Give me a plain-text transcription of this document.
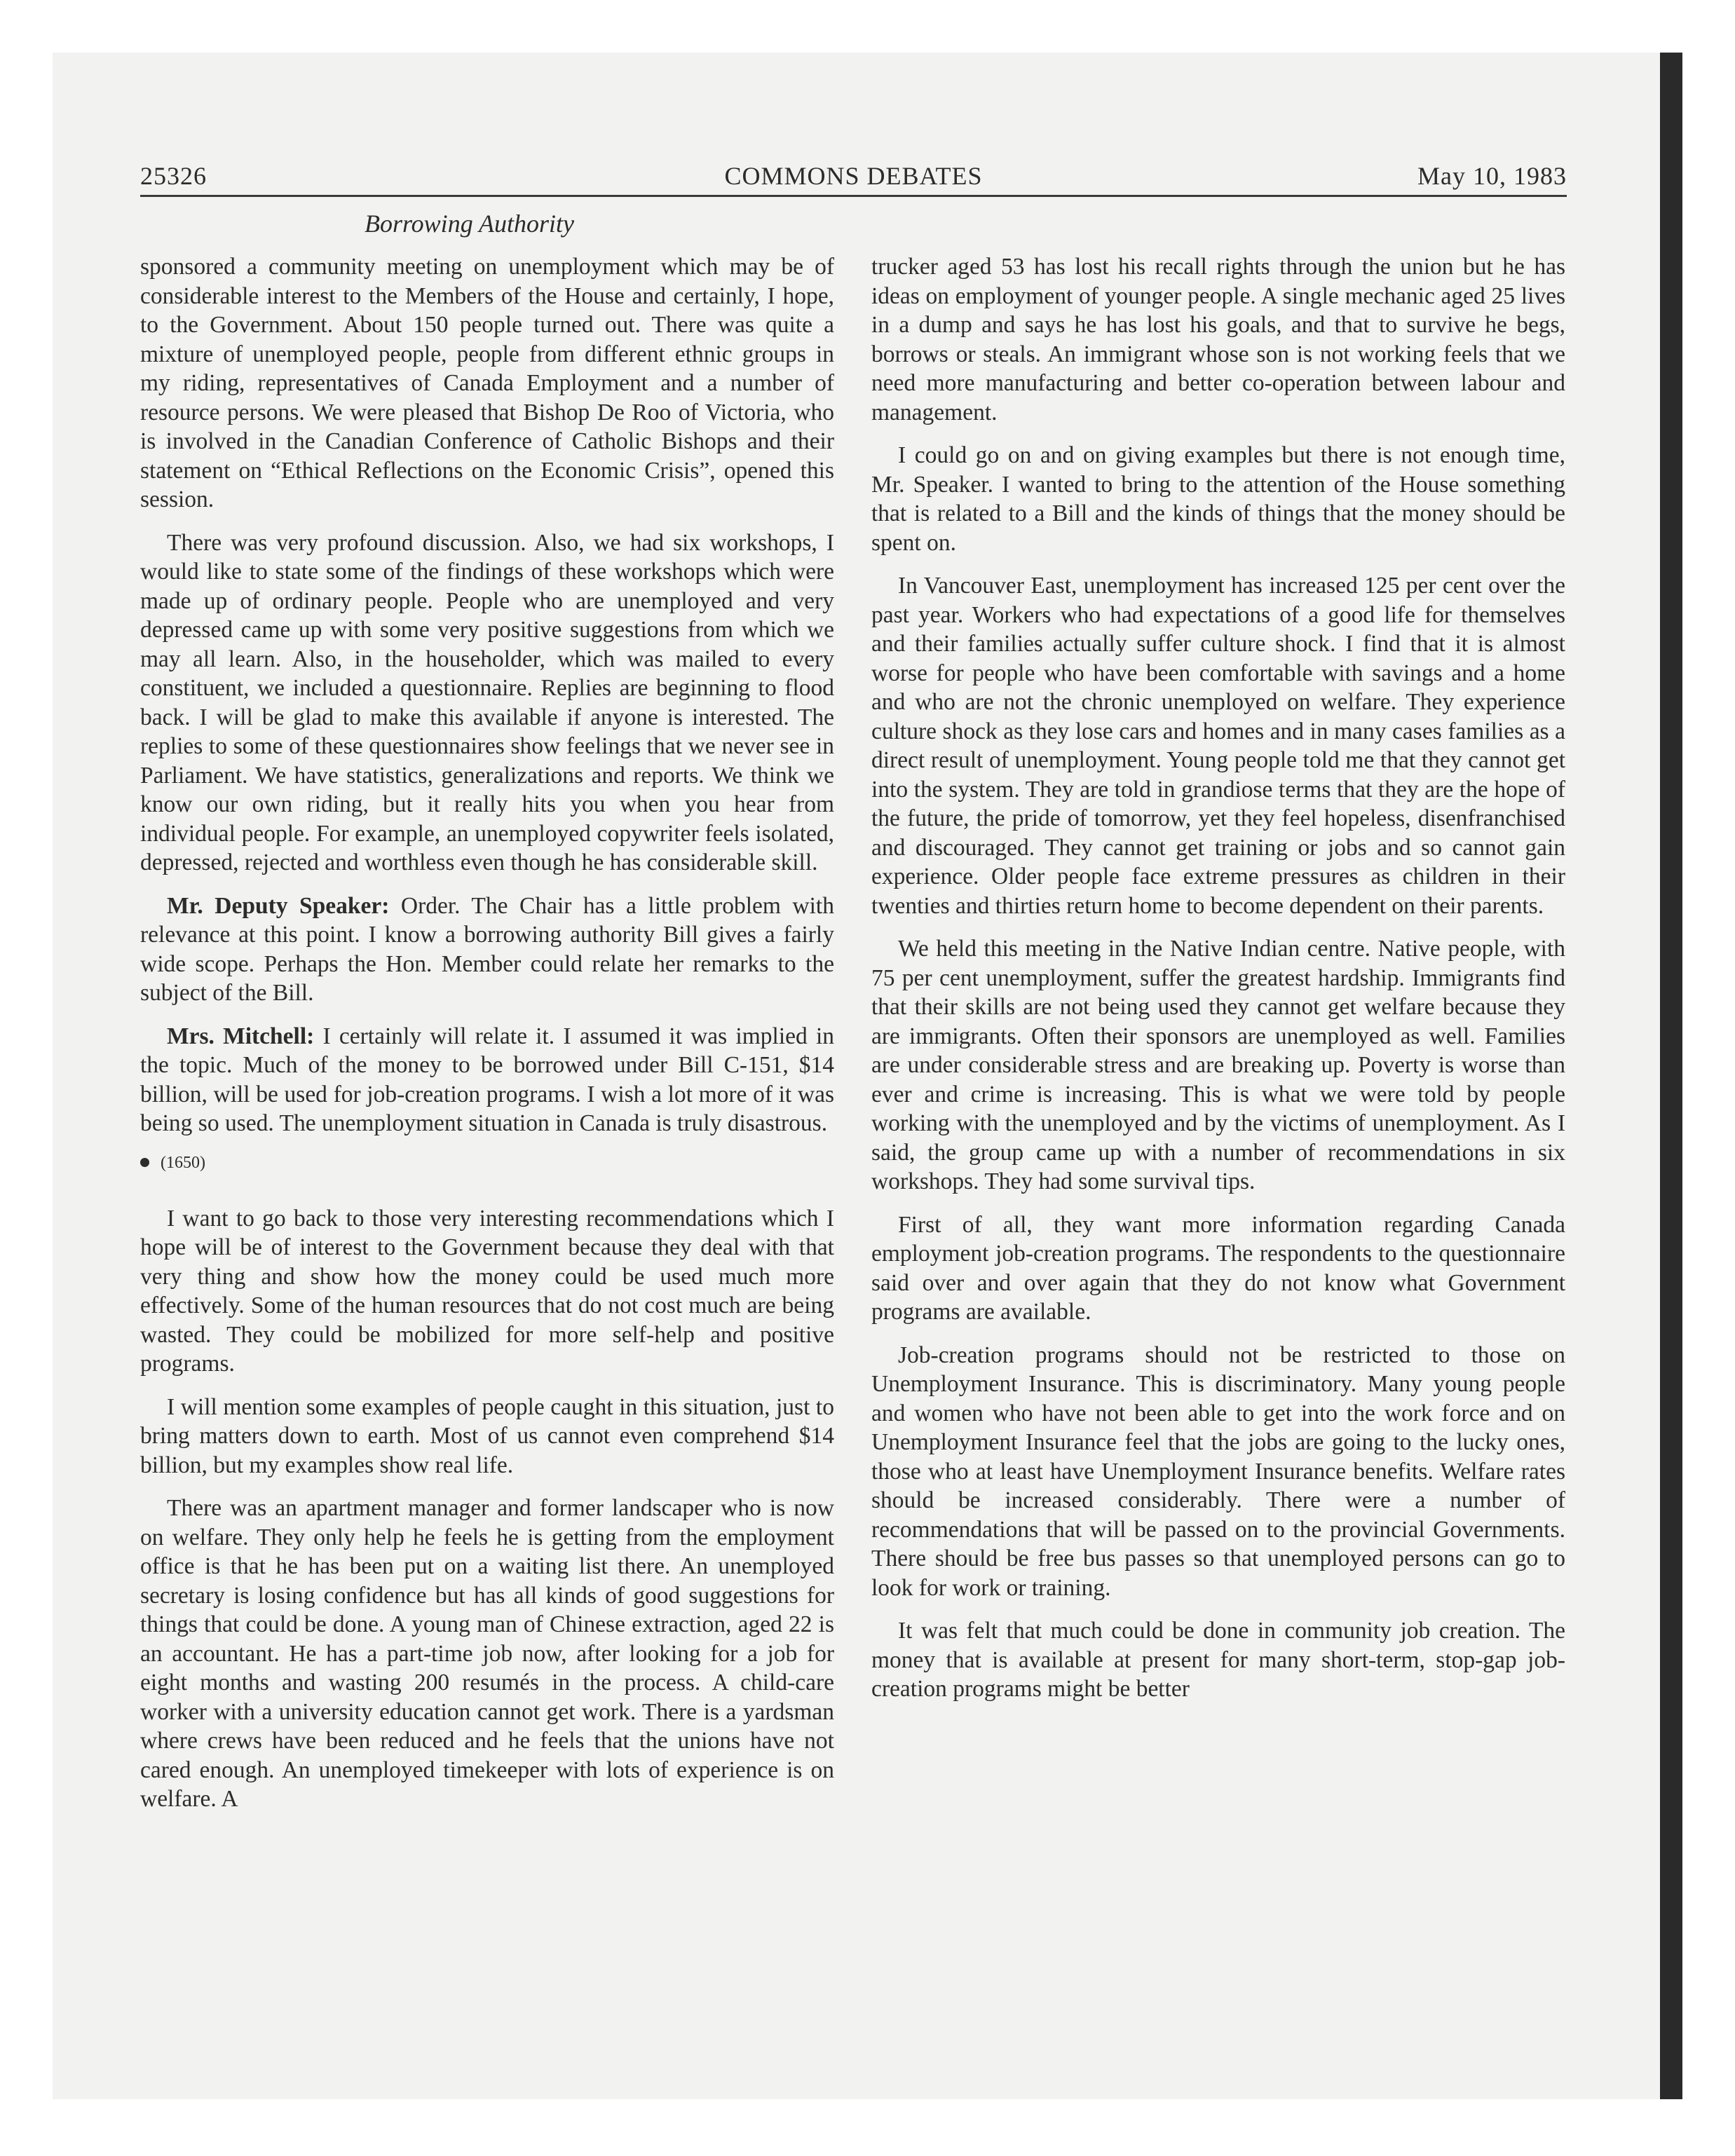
25326	COMMONS DEBATES	May 10, 1983
Borrowing Authority

sponsored a community meeting on unemployment which may be of considerable interest to the Members of the House and certainly, I hope, to the Government. About 150 people turned out. There was quite a mixture of unemployed people, people from different ethnic groups in my riding, representatives of Canada Employment and a number of resource persons. We were pleased that Bishop De Roo of Victoria, who is involved in the Canadian Conference of Catholic Bishops and their statement on “Ethical Reflections on the Economic Crisis”, opened this session.

There was very profound discussion. Also, we had six workshops, I would like to state some of the findings of these workshops which were made up of ordinary people. People who are unemployed and very depressed came up with some very positive suggestions from which we may all learn. Also, in the householder, which was mailed to every constituent, we included a questionnaire. Replies are beginning to flood back. I will be glad to make this available if anyone is interested. The replies to some of these questionnaires show feelings that we never see in Parliament. We have statistics, generalizations and reports. We think we know our own riding, but it really hits you when you hear from individual people. For example, an unemployed copywriter feels isolated, depressed, rejected and worthless even though he has considerable skill.

Mr. Deputy Speaker: Order. The Chair has a little problem with relevance at this point. I know a borrowing authority Bill gives a fairly wide scope. Perhaps the Hon. Member could relate her remarks to the subject of the Bill.

Mrs. Mitchell: I certainly will relate it. I assumed it was implied in the topic. Much of the money to be borrowed under Bill C-151, $14 billion, will be used for job-creation programs. I wish a lot more of it was being so used. The unemployment situation in Canada is truly disastrous.

(1650)

I want to go back to those very interesting recommendations which I hope will be of interest to the Government because they deal with that very thing and show how the money could be used much more effectively. Some of the human resources that do not cost much are being wasted. They could be mobilized for more self-help and positive programs.

I will mention some examples of people caught in this situation, just to bring matters down to earth. Most of us cannot even comprehend $14 billion, but my examples show real life.

There was an apartment manager and former landscaper who is now on welfare. They only help he feels he is getting from the employment office is that he has been put on a waiting list there. An unemployed secretary is losing confidence but has all kinds of good suggestions for things that could be done. A young man of Chinese extraction, aged 22 is an accountant. He has a part-time job now, after looking for a job for eight months and wasting 200 resumés in the process. A child-care worker with a university education cannot get work. There is a yardsman where crews have been reduced and he feels that the unions have not cared enough. An unemployed timekeeper with lots of experience is on welfare. A

trucker aged 53 has lost his recall rights through the union but he has ideas on employment of younger people. A single mechanic aged 25 lives in a dump and says he has lost his goals, and that to survive he begs, borrows or steals. An immigrant whose son is not working feels that we need more manufacturing and better co-operation between labour and management.

I could go on and on giving examples but there is not enough time, Mr. Speaker. I wanted to bring to the attention of the House something that is related to a Bill and the kinds of things that the money should be spent on.

In Vancouver East, unemployment has increased 125 per cent over the past year. Workers who had expectations of a good life for themselves and their families actually suffer culture shock. I find that it is almost worse for people who have been comfortable with savings and a home and who are not the chronic unemployed on welfare. They experience culture shock as they lose cars and homes and in many cases families as a direct result of unemployment. Young people told me that they cannot get into the system. They are told in grandiose terms that they are the hope of the future, the pride of tomorrow, yet they feel hopeless, disenfranchised and discouraged. They cannot get training or jobs and so cannot gain experience. Older people face extreme pressures as children in their twenties and thirties return home to become dependent on their parents.

We held this meeting in the Native Indian centre. Native people, with 75 per cent unemployment, suffer the greatest hardship. Immigrants find that their skills are not being used they cannot get welfare because they are immigrants. Often their sponsors are unemployed as well. Families are under considerable stress and are breaking up. Poverty is worse than ever and crime is increasing. This is what we were told by people working with the unemployed and by the victims of unemployment. As I said, the group came up with a number of recommendations in six workshops. They had some survival tips.

First of all, they want more information regarding Canada employment job-creation programs. The respondents to the questionnaire said over and over again that they do not know what Government programs are available.

Job-creation programs should not be restricted to those on Unemployment Insurance. This is discriminatory. Many young people and women who have not been able to get into the work force and on Unemployment Insurance feel that the jobs are going to the lucky ones, those who at least have Unemployment Insurance benefits. Welfare rates should be increased considerably. There were a number of recommendations that will be passed on to the provincial Governments. There should be free bus passes so that unemployed persons can go to look for work or training.

It was felt that much could be done in community job creation. The money that is available at present for many short-term, stop-gap job-creation programs might be better
